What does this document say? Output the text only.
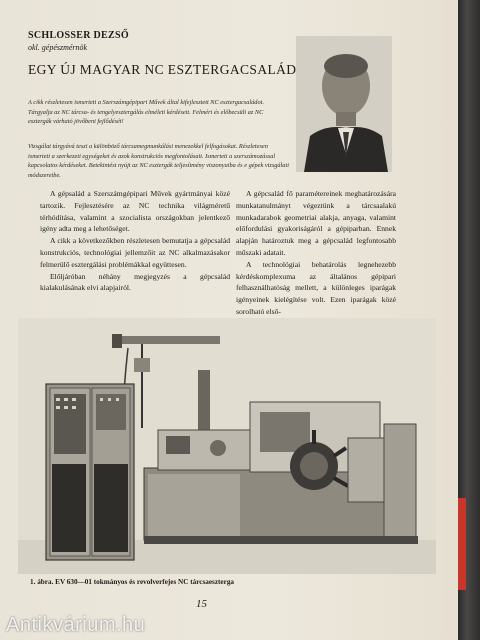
SCHLOSSER DEZSŐ
okl. gépészmérnök
EGY ÚJ MAGYAR NC ESZTERGACSALÁD
A cikk részletesen ismerteti a Szerszámgépipari Művek által kifejlesztett NC esztergacsaládot. Tárgyalja az NC tárcsa- és tengelyesztergálás elméleti kérdéseit. Felméri és előbecsüli az NC esztergák várható jövőbeni fejlődését!
Vizsgálat tárgyává teszi a különböző tárcsamegmunkálási menezekkel felfogásokat. Részletesen ismerteti a szerkezeti egységeket és azok konstrukciós megfontolásait. Ismerteti a szerszámozással kapcsolatos kérdéseket. Betekintést nyújt az NC esztergák teljesítmény viszonyaiba és e gépek vizsgálati módszereibe.

A gépsalád a Szerszámgépipari Művek gyártmányai közé tartozik. Fejlesztésére az NC technika világméretű térhódítása, valamint a szocialista országokban jelentkező igény adta meg a lehetőséget.

A cikk a következőkben részletesen bemutatja a gépcsalád konstrukciós, technológiai jellemzőit az NC alkalmazásakor felmerülő esztergálási problémákkal együttesen.

Előljáróban néhány megjegyzés a gépcsalád kialakulásának elvi alapjairól.

A gépcsalád fő paramétereinek meghatározására munkatanulmányt végeztünk a tárcsaalakú munkadarabok geometriai alakja, anyaga, valamint előfordulási gyakoriságáról a gépiparban. Ennek alapján határoztuk meg a gépcsalád legfontosabb műszaki adatait.

A technológiai behatárolás legnehezebb kérdéskomplexuma az általános gépipari felhasználhatóság mellett, a különleges iparágak igényeinek kielégítése volt. Ezen iparágak közé sorolható első-

1. ábra. EV 630—01 tokmányos és revolverfejes NC tárcsaeszterga
15
Antikvárium.hu
